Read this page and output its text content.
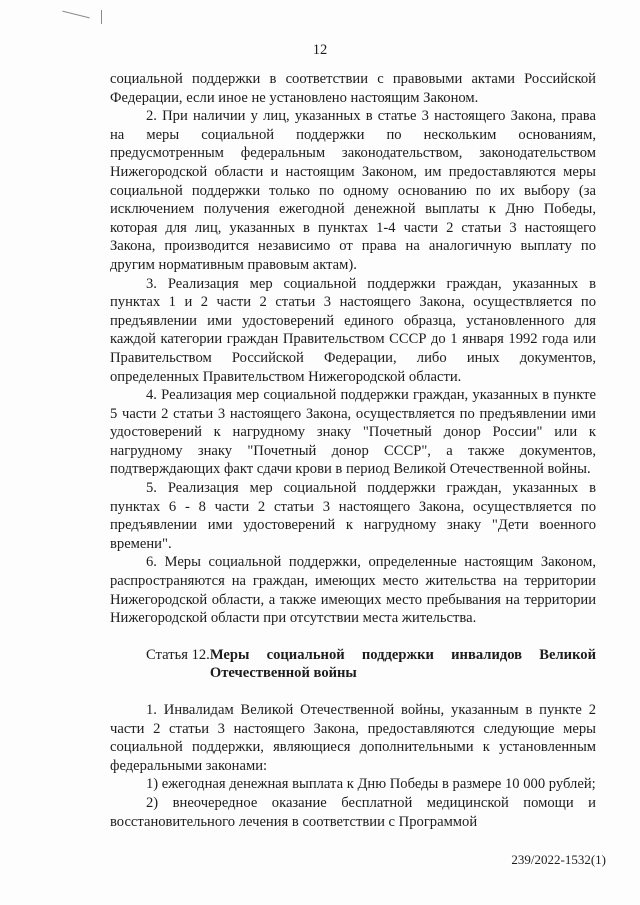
12

социальной поддержки в соответствии с правовыми актами Российской Федерации, если иное не установлено настоящим Законом.

2. При наличии у лиц, указанных в статье 3 настоящего Закона, права на меры социальной поддержки по нескольким основаниям, предусмотренным федеральным законодательством, законодательством Нижегородской области и настоящим Законом, им предоставляются меры социальной поддержки только по одному основанию по их выбору (за исключением получения ежегодной денежной выплаты к Дню Победы, которая для лиц, указанных в пунктах 1-4 части 2 статьи 3 настоящего Закона, производится независимо от права на аналогичную выплату по другим нормативным правовым актам).

3. Реализация мер социальной поддержки граждан, указанных в пунктах 1 и 2 части 2 статьи 3 настоящего Закона, осуществляется по предъявлении ими удостоверений единого образца, установленного для каждой категории граждан Правительством СССР до 1 января 1992 года или Правительством Российской Федерации, либо иных документов, определенных Правительством Нижегородской области.

4. Реализация мер социальной поддержки граждан, указанных в пункте 5 части 2 статьи 3 настоящего Закона, осуществляется по предъявлении ими удостоверений к нагрудному знаку "Почетный донор России" или к нагрудному знаку "Почетный донор СССР", а также документов, подтверждающих факт сдачи крови в период Великой Отечественной войны.

5. Реализация мер социальной поддержки граждан, указанных в пунктах 6 - 8 части 2 статьи 3 настоящего Закона, осуществляется по предъявлении ими удостоверений к нагрудному знаку "Дети военного времени".

6. Меры социальной поддержки, определенные настоящим Законом, распространяются на граждан, имеющих место жительства на территории Нижегородской области, а также имеющих место пребывания на территории Нижегородской области при отсутствии места жительства.

Статья 12. Меры социальной поддержки инвалидов Великой Отечественной войны

1. Инвалидам Великой Отечественной войны, указанным в пункте 2 части 2 статьи 3 настоящего Закона, предоставляются следующие меры социальной поддержки, являющиеся дополнительными к установленным федеральными законами:

1) ежегодная денежная выплата к Дню Победы в размере 10 000 рублей;

2) внеочередное оказание бесплатной медицинской помощи и восстановительного лечения в соответствии с Программой

239/2022-1532(1)
